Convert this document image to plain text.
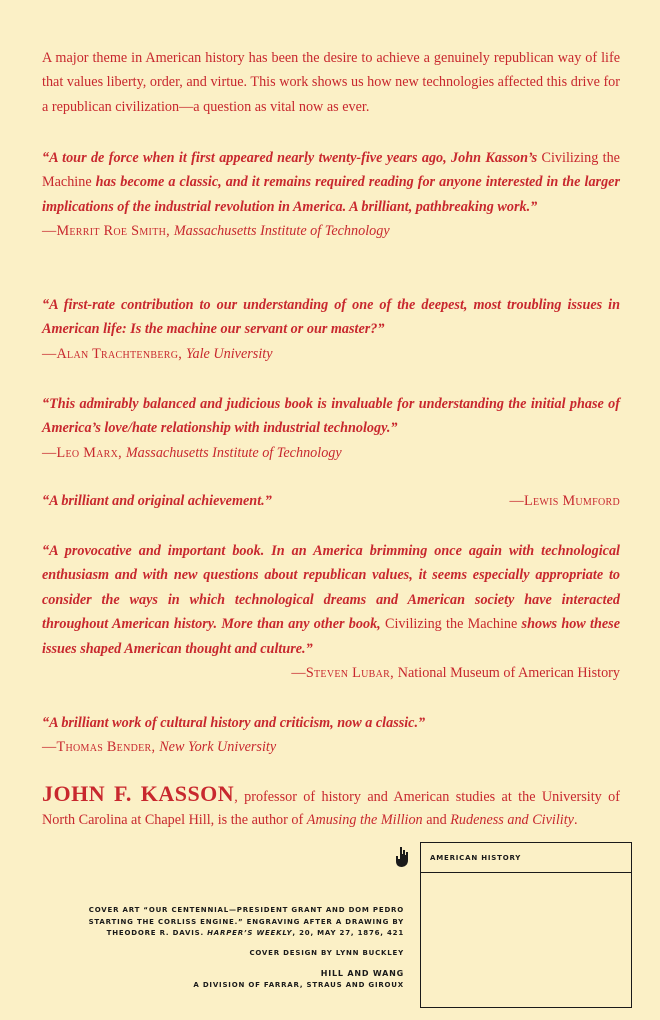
A major theme in American history has been the desire to achieve a genuinely republican way of life that values liberty, order, and virtue. This work shows us how new technologies affected this drive for a republican civilization—a question as vital now as ever.
“A tour de force when it first appeared nearly twenty-five years ago, John Kasson’s Civilizing the Machine has become a classic, and it remains required reading for anyone interested in the larger implications of the industrial revolution in America. A brilliant, pathbreaking work.”
—Merrit Roe Smith, Massachusetts Institute of Technology
“A first-rate contribution to our understanding of one of the deepest, most troubling issues in American life: Is the machine our servant or our master?”
—Alan Trachtenberg, Yale University
“This admirably balanced and judicious book is invaluable for understanding the initial phase of America’s love/hate relationship with industrial technology.”
—Leo Marx, Massachusetts Institute of Technology
“A brilliant and original achievement.”	—Lewis Mumford
“A provocative and important book. In an America brimming once again with technological enthusiasm and with new questions about republican values, it seems especially appropriate to consider the ways in which technological dreams and American society have interacted throughout American history. More than any other book, Civilizing the Machine shows how these issues shaped American thought and culture.”
—Steven Lubar, National Museum of American History
“A brilliant work of cultural history and criticism, now a classic.”
—Thomas Bender, New York University
JOHN F. KASSON, professor of history and American studies at the University of North Carolina at Chapel Hill, is the author of Amusing the Million and Rudeness and Civility.
COVER ART “OUR CENTENNIAL—PRESIDENT GRANT AND DOM PEDRO
STARTING THE CORLISS ENGINE.” ENGRAVING AFTER A DRAWING BY
THEODORE R. DAVIS. HARPER’S WEEKLY, 20, MAY 27, 1876, 421
COVER DESIGN BY LYNN BUCKLEY
HILL AND WANG
A DIVISION OF FARRAR, STRAUS AND GIROUX
AMERICAN HISTORY
